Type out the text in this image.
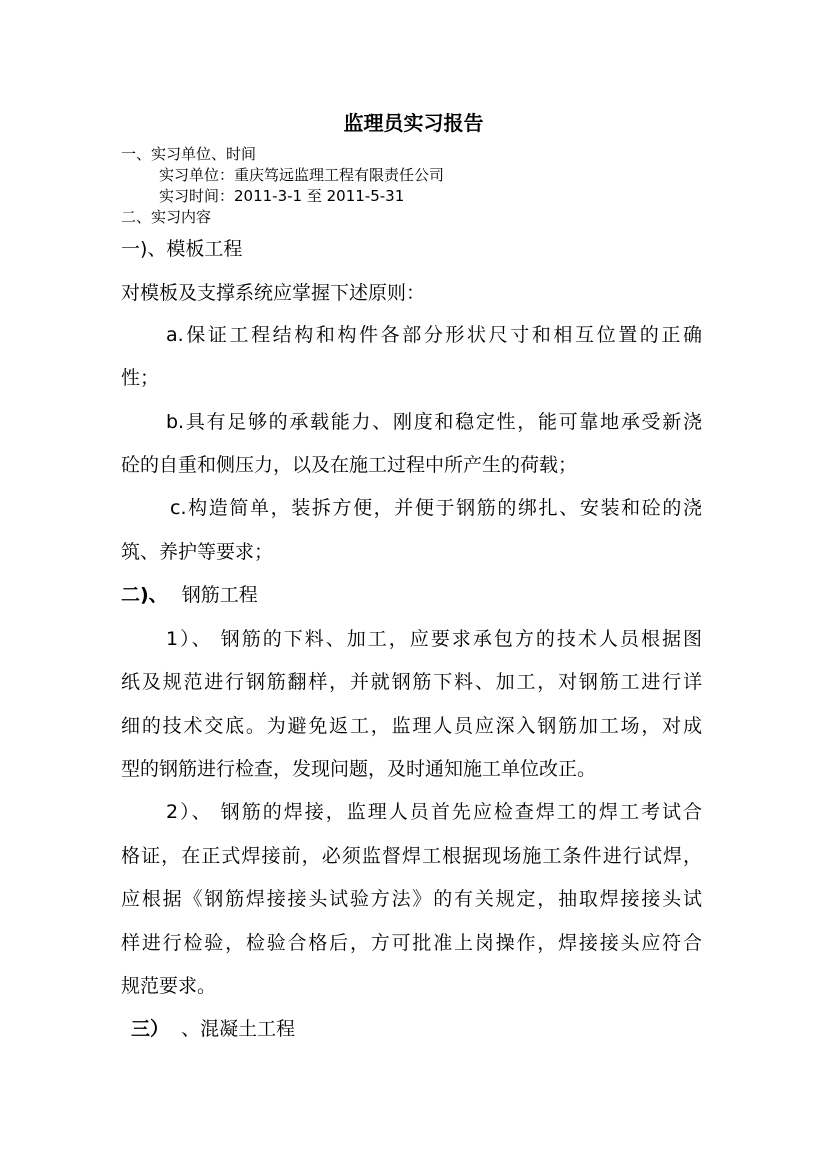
监理员实习报告
一、实习单位、时间
实习单位：重庆笃远监理工程有限责任公司
实习时间：2011-3-1 至 2011-5-31
二、实习内容
一)、模板工程
对模板及支撑系统应掌握下述原则：
a.保证工程结构和构件各部分形状尺寸和相互位置的正确
性；
b.具有足够的承载能力、刚度和稳定性，能可靠地承受新浇
砼的自重和侧压力，以及在施工过程中所产生的荷载；
c.构造简单，装拆方便，并便于钢筋的绑扎、安装和砼的浇
筑、养护等要求；
二)、 钢筋工程
1）、 钢筋的下料、加工，应要求承包方的技术人员根据图
纸及规范进行钢筋翻样，并就钢筋下料、加工，对钢筋工进行详
细的技术交底。为避免返工，监理人员应深入钢筋加工场，对成
型的钢筋进行检查，发现问题，及时通知施工单位改正。
2）、 钢筋的焊接，监理人员首先应检查焊工的焊工考试合
格证，在正式焊接前，必须监督焊工根据现场施工条件进行试焊，
应根据《钢筋焊接接头试验方法》的有关规定，抽取焊接接头试
样进行检验，检验合格后，方可批准上岗操作，焊接接头应符合
规范要求。
三） 、混凝土工程
